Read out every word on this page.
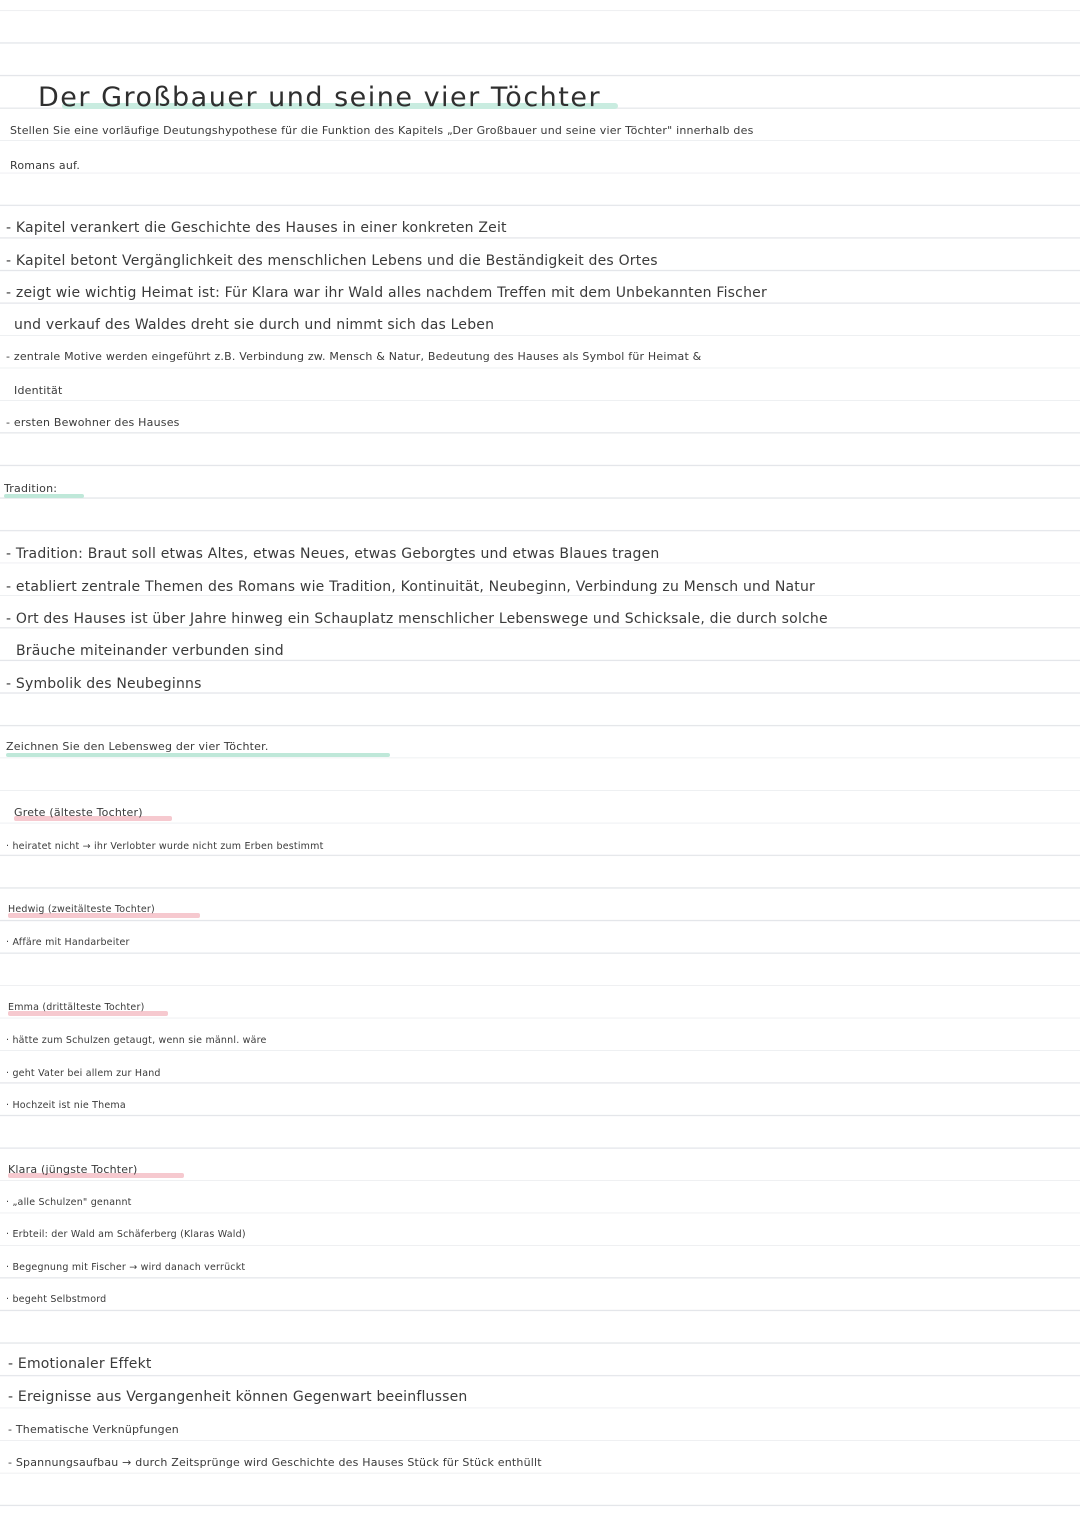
Der Großbauer und seine vier Töchter
Stellen Sie eine vorläufige Deutungshypothese für die Funktion des Kapitels „Der Großbauer und seine vier Töchter" innerhalb des
Romans auf.
- Kapitel verankert die Geschichte des Hauses in einer konkreten Zeit
- Kapitel betont Vergänglichkeit des menschlichen Lebens und die Beständigkeit des Ortes
- zeigt wie wichtig Heimat ist: Für Klara war ihr Wald alles nachdem Treffen mit dem Unbekannten Fischer
und verkauf des Waldes dreht sie durch und nimmt sich das Leben
- zentrale Motive werden eingeführt z.B. Verbindung zw. Mensch & Natur, Bedeutung des Hauses als Symbol für Heimat &
Identität
- ersten Bewohner des Hauses
Tradition:
- Tradition: Braut soll etwas Altes, etwas Neues, etwas Geborgtes und etwas Blaues tragen
- etabliert zentrale Themen des Romans wie Tradition, Kontinuität, Neubeginn, Verbindung zu Mensch und Natur
- Ort des Hauses ist über Jahre hinweg ein Schauplatz menschlicher Lebenswege und Schicksale, die durch solche
Bräuche miteinander verbunden sind
- Symbolik des Neubeginns
Zeichnen Sie den Lebensweg der vier Töchter.
Grete (älteste Tochter)
· heiratet nicht → ihr Verlobter wurde nicht zum Erben bestimmt
Hedwig (zweitälteste Tochter)
· Affäre mit Handarbeiter
Emma (drittälteste Tochter)
· hätte zum Schulzen getaugt, wenn sie männl. wäre
· geht Vater bei allem zur Hand
· Hochzeit ist nie Thema
Klara (jüngste Tochter)
· „alle Schulzen" genannt
· Erbteil: der Wald am Schäferberg (Klaras Wald)
· Begegnung mit Fischer → wird danach verrückt
· begeht Selbstmord
- Emotionaler Effekt
- Ereignisse aus Vergangenheit können Gegenwart beeinflussen
- Thematische Verknüpfungen
- Spannungsaufbau → durch Zeitsprünge wird Geschichte des Hauses Stück für Stück enthüllt
